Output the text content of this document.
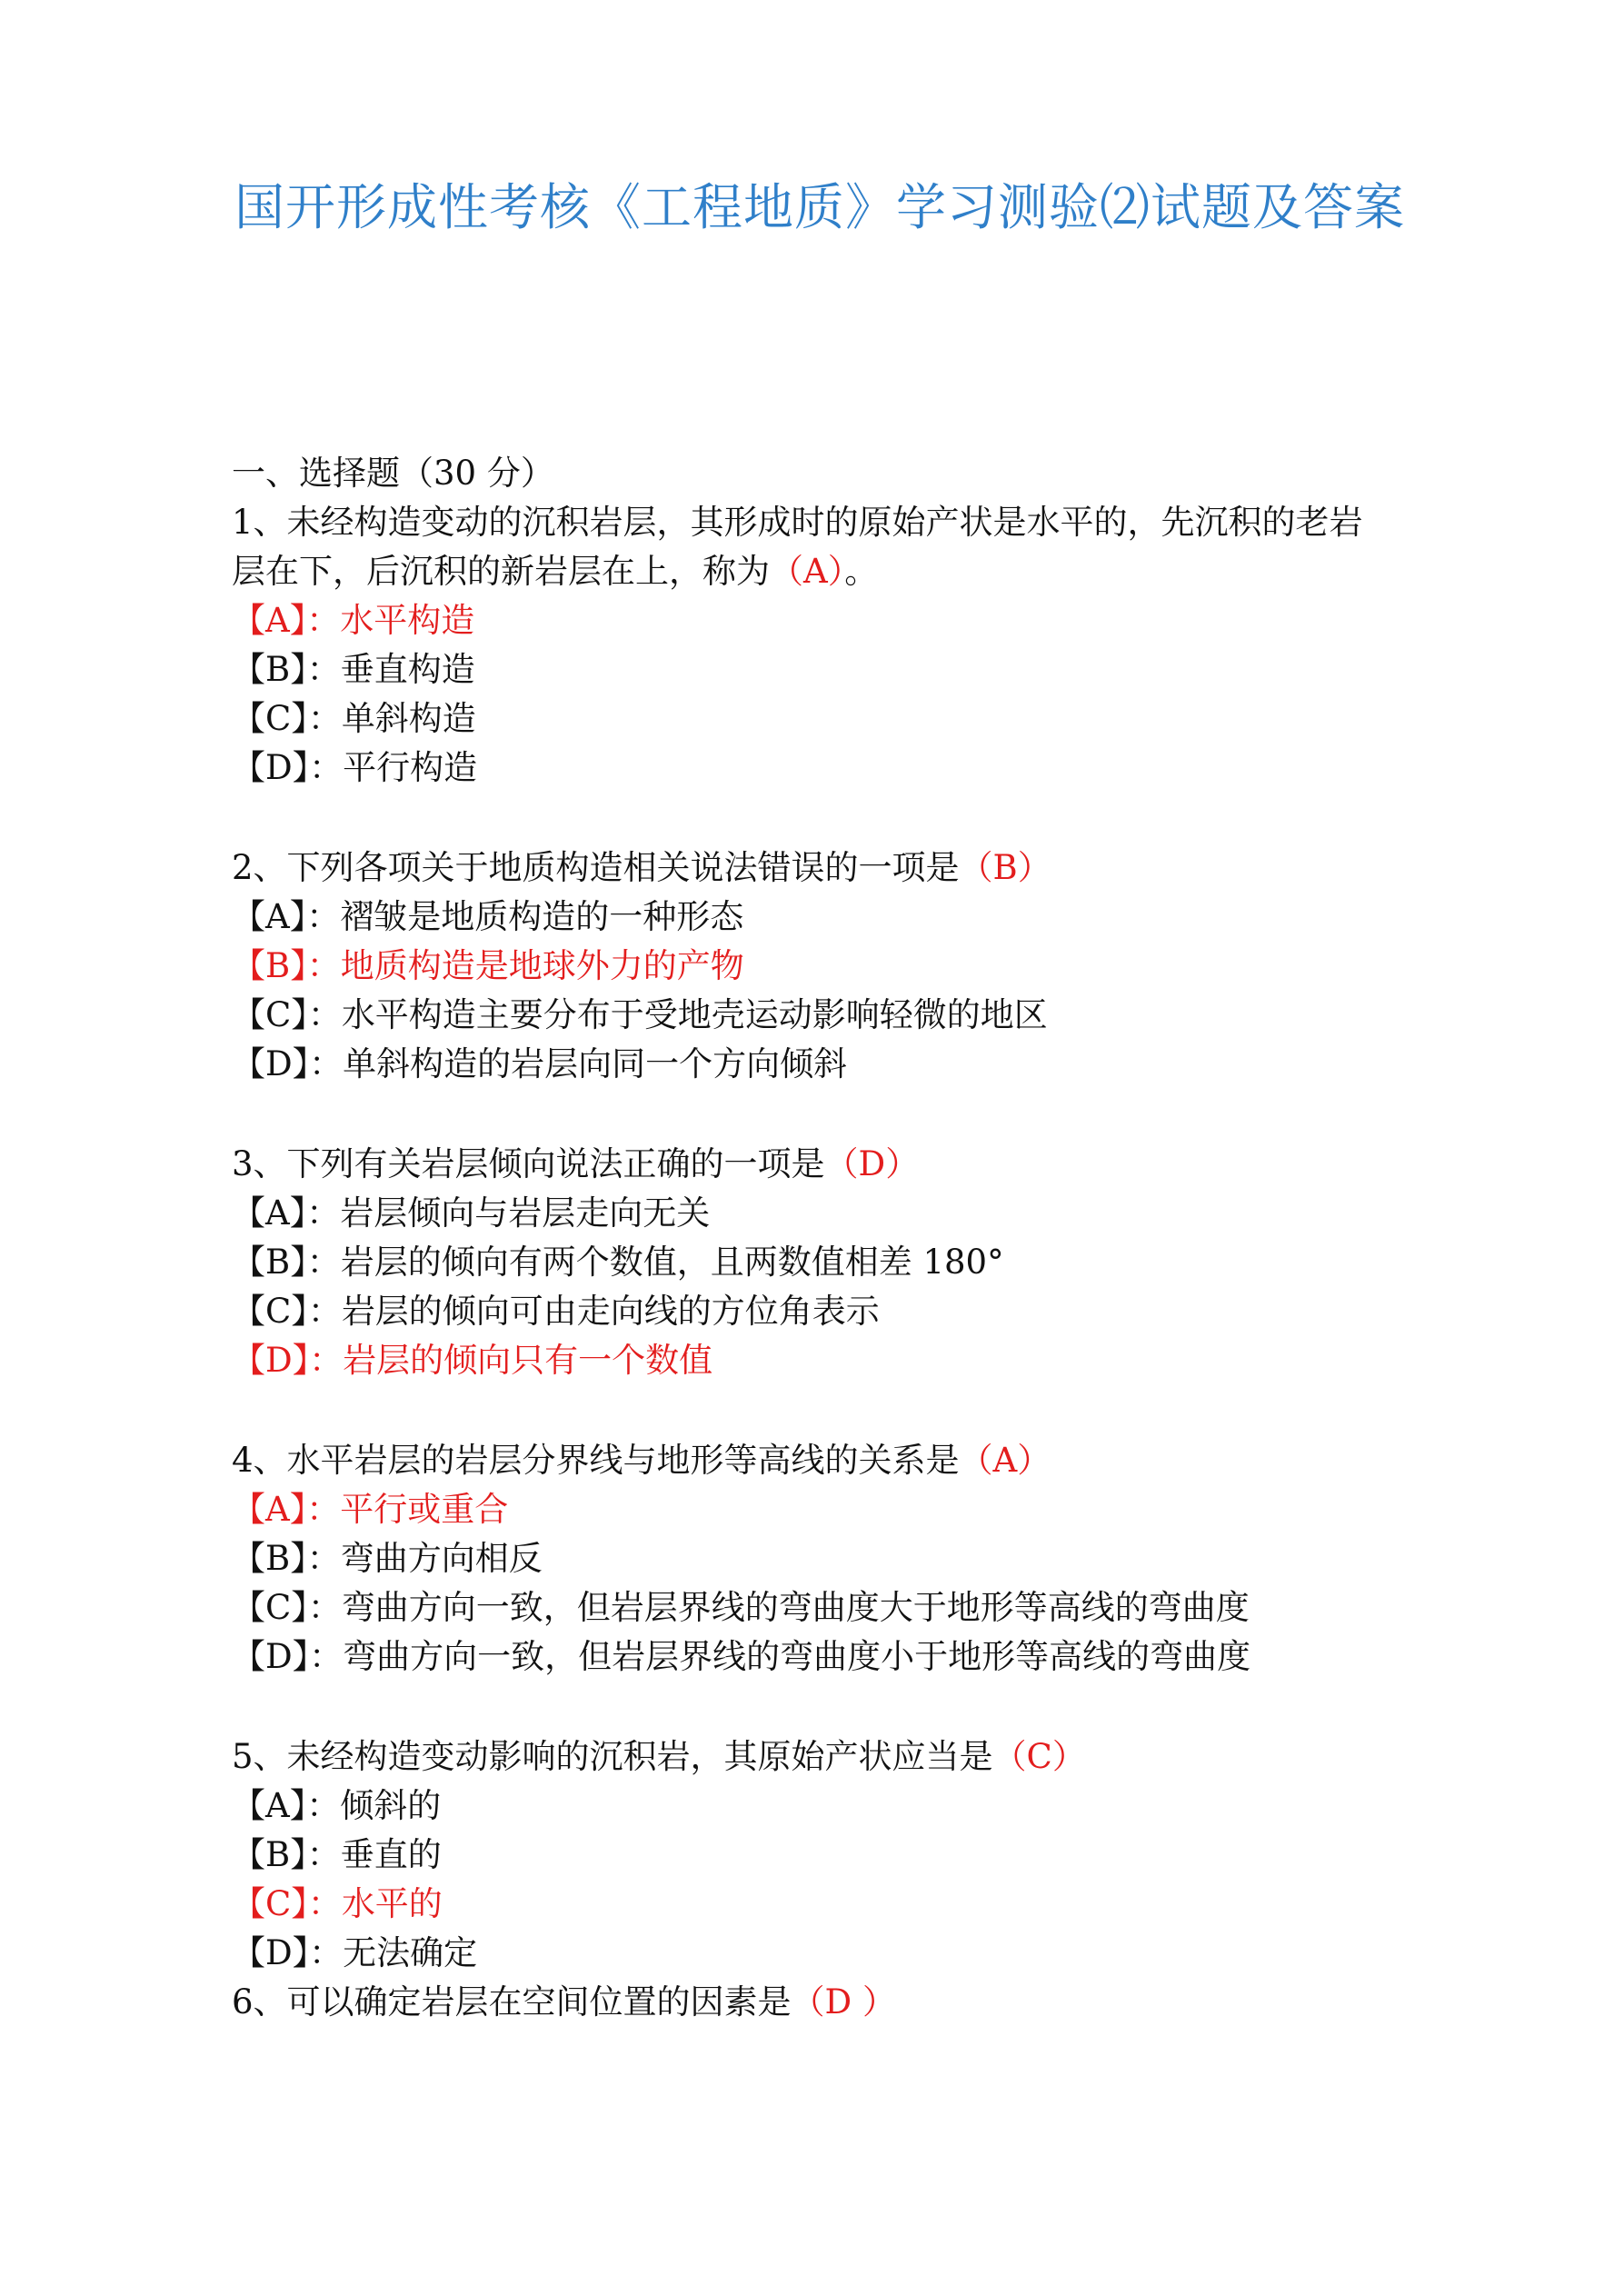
国开形成性考核《工程地质》学习测验⑵试题及答案
一、选择题（30 分）
1、未经构造变动的沉积岩层，其形成时的原始产状是水平的，先沉积的老岩
层在下，后沉积的新岩层在上，称为（A）。
【A】：水平构造
【B】：垂直构造
【C】：单斜构造
【D】：平行构造
2、下列各项关于地质构造相关说法错误的一项是（B）
【A】：褶皱是地质构造的一种形态
【B】：地质构造是地球外力的产物
【C】：水平构造主要分布于受地壳运动影响轻微的地区
【D】：单斜构造的岩层向同一个方向倾斜
3、下列有关岩层倾向说法正确的一项是（D）
【A】：岩层倾向与岩层走向无关
【B】：岩层的倾向有两个数值，且两数值相差 180°
【C】：岩层的倾向可由走向线的方位角表示
【D】：岩层的倾向只有一个数值
4、水平岩层的岩层分界线与地形等高线的关系是（A）
【A】：平行或重合
【B】：弯曲方向相反
【C】：弯曲方向一致，但岩层界线的弯曲度大于地形等高线的弯曲度
【D】：弯曲方向一致，但岩层界线的弯曲度小于地形等高线的弯曲度
5、未经构造变动影响的沉积岩，其原始产状应当是（C）
【A】：倾斜的
【B】：垂直的
【C】：水平的
【D】：无法确定
6、可以确定岩层在空间位置的因素是（D ）
